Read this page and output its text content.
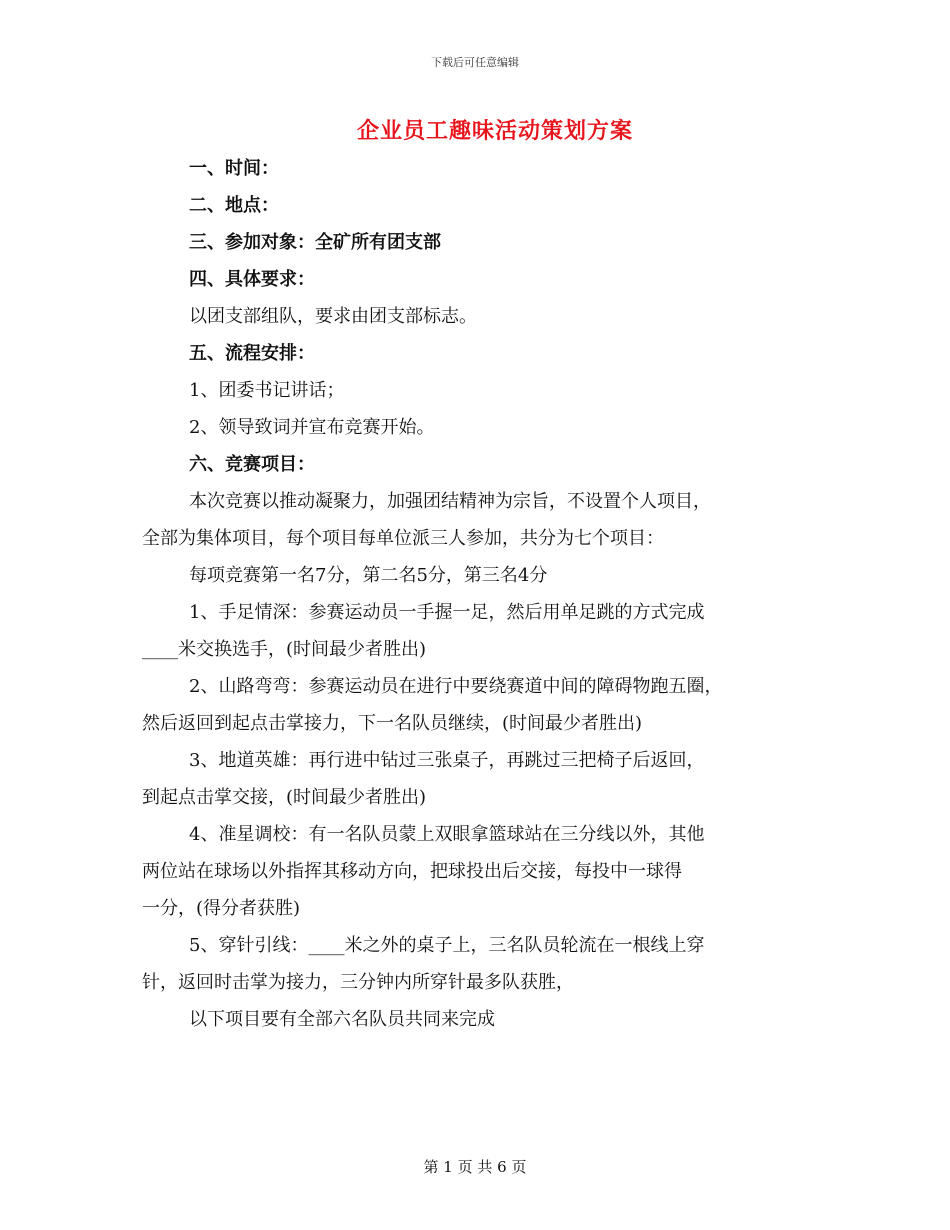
下载后可任意编辑
企业员工趣味活动策划方案
一、时间：
二、地点：
三、参加对象：全矿所有团支部
四、具体要求：
以团支部组队，要求由团支部标志。
五、流程安排：
1、团委书记讲话；
2、领导致词并宣布竞赛开始。
六、竞赛项目：
本次竞赛以推动凝聚力，加强团结精神为宗旨，不设置个人项目，
全部为集体项目，每个项目每单位派三人参加，共分为七个项目：
每项竞赛第一名7分，第二名5分，第三名4分
1、手足情深：参赛运动员一手握一足，然后用单足跳的方式完成
____米交换选手，(时间最少者胜出)
2、山路弯弯：参赛运动员在进行中要绕赛道中间的障碍物跑五圈，
然后返回到起点击掌接力，下一名队员继续，(时间最少者胜出)
3、地道英雄：再行进中钻过三张桌子，再跳过三把椅子后返回，
到起点击掌交接，(时间最少者胜出)
4、准星调校：有一名队员蒙上双眼拿篮球站在三分线以外，其他
两位站在球场以外指挥其移动方向，把球投出后交接，每投中一球得
一分，(得分者获胜)
5、穿针引线：____米之外的桌子上，三名队员轮流在一根线上穿
针，返回时击掌为接力，三分钟内所穿针最多队获胜，
以下项目要有全部六名队员共同来完成
第 1 页 共 6 页
